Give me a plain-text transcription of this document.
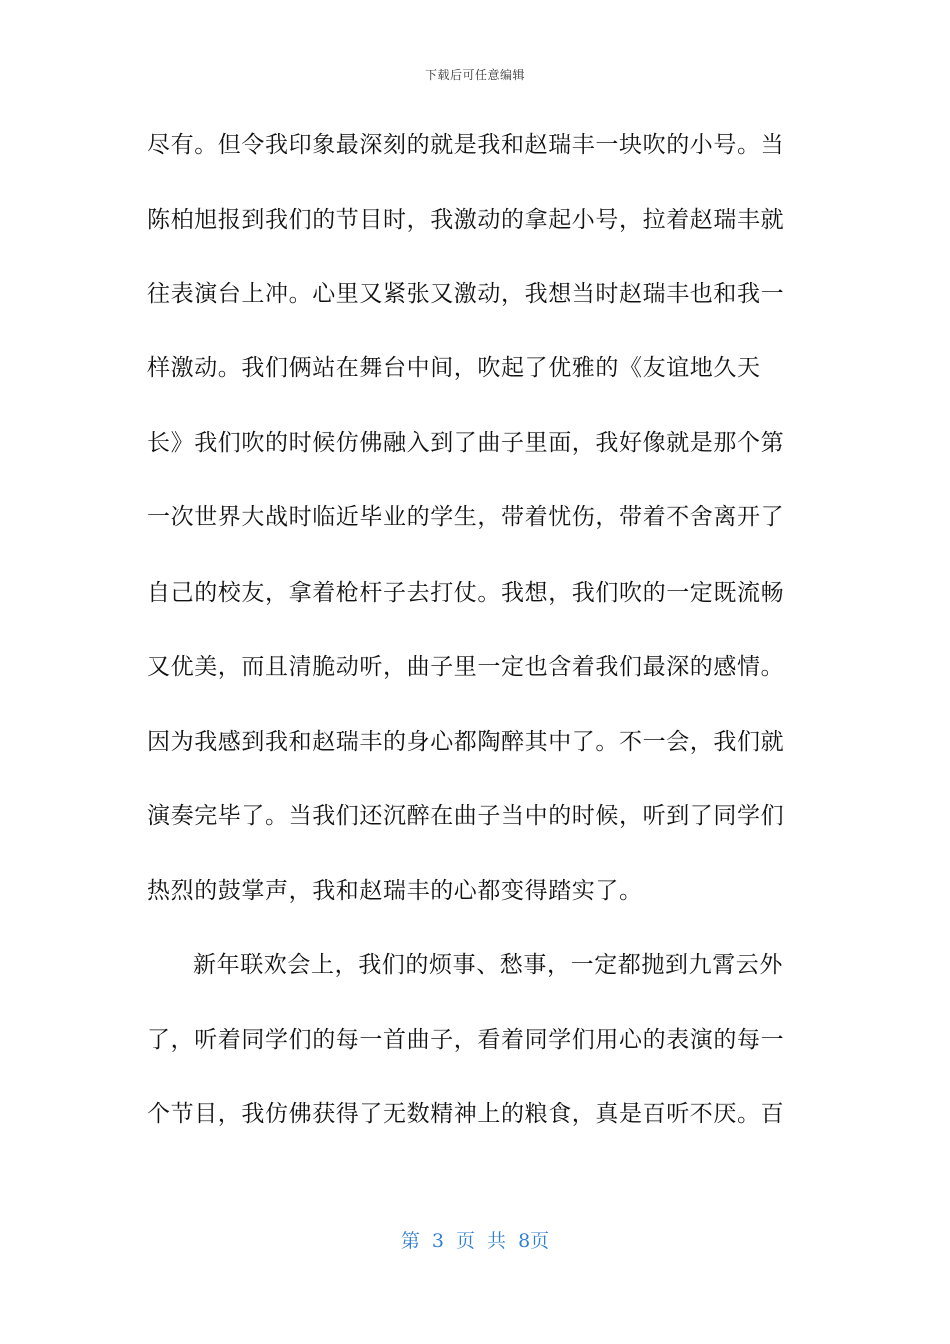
下载后可任意编辑
尽有。但令我印象最深刻的就是我和赵瑞丰一块吹的小号。当
陈柏旭报到我们的节目时，我激动的拿起小号，拉着赵瑞丰就
往表演台上冲。心里又紧张又激动，我想当时赵瑞丰也和我一
样激动。我们俩站在舞台中间，吹起了优雅的《友谊地久天
长》我们吹的时候仿佛融入到了曲子里面，我好像就是那个第
一次世界大战时临近毕业的学生，带着忧伤，带着不舍离开了
自己的校友，拿着枪杆子去打仗。我想，我们吹的一定既流畅
又优美，而且清脆动听，曲子里一定也含着我们最深的感情。
因为我感到我和赵瑞丰的身心都陶醉其中了。不一会，我们就
演奏完毕了。当我们还沉醉在曲子当中的时候，听到了同学们
热烈的鼓掌声，我和赵瑞丰的心都变得踏实了。
新年联欢会上，我们的烦事、愁事，一定都抛到九霄云外
了，听着同学们的每一首曲子，看着同学们用心的表演的每一
个节目，我仿佛获得了无数精神上的粮食，真是百听不厌。百
第 3 页 共 8页
